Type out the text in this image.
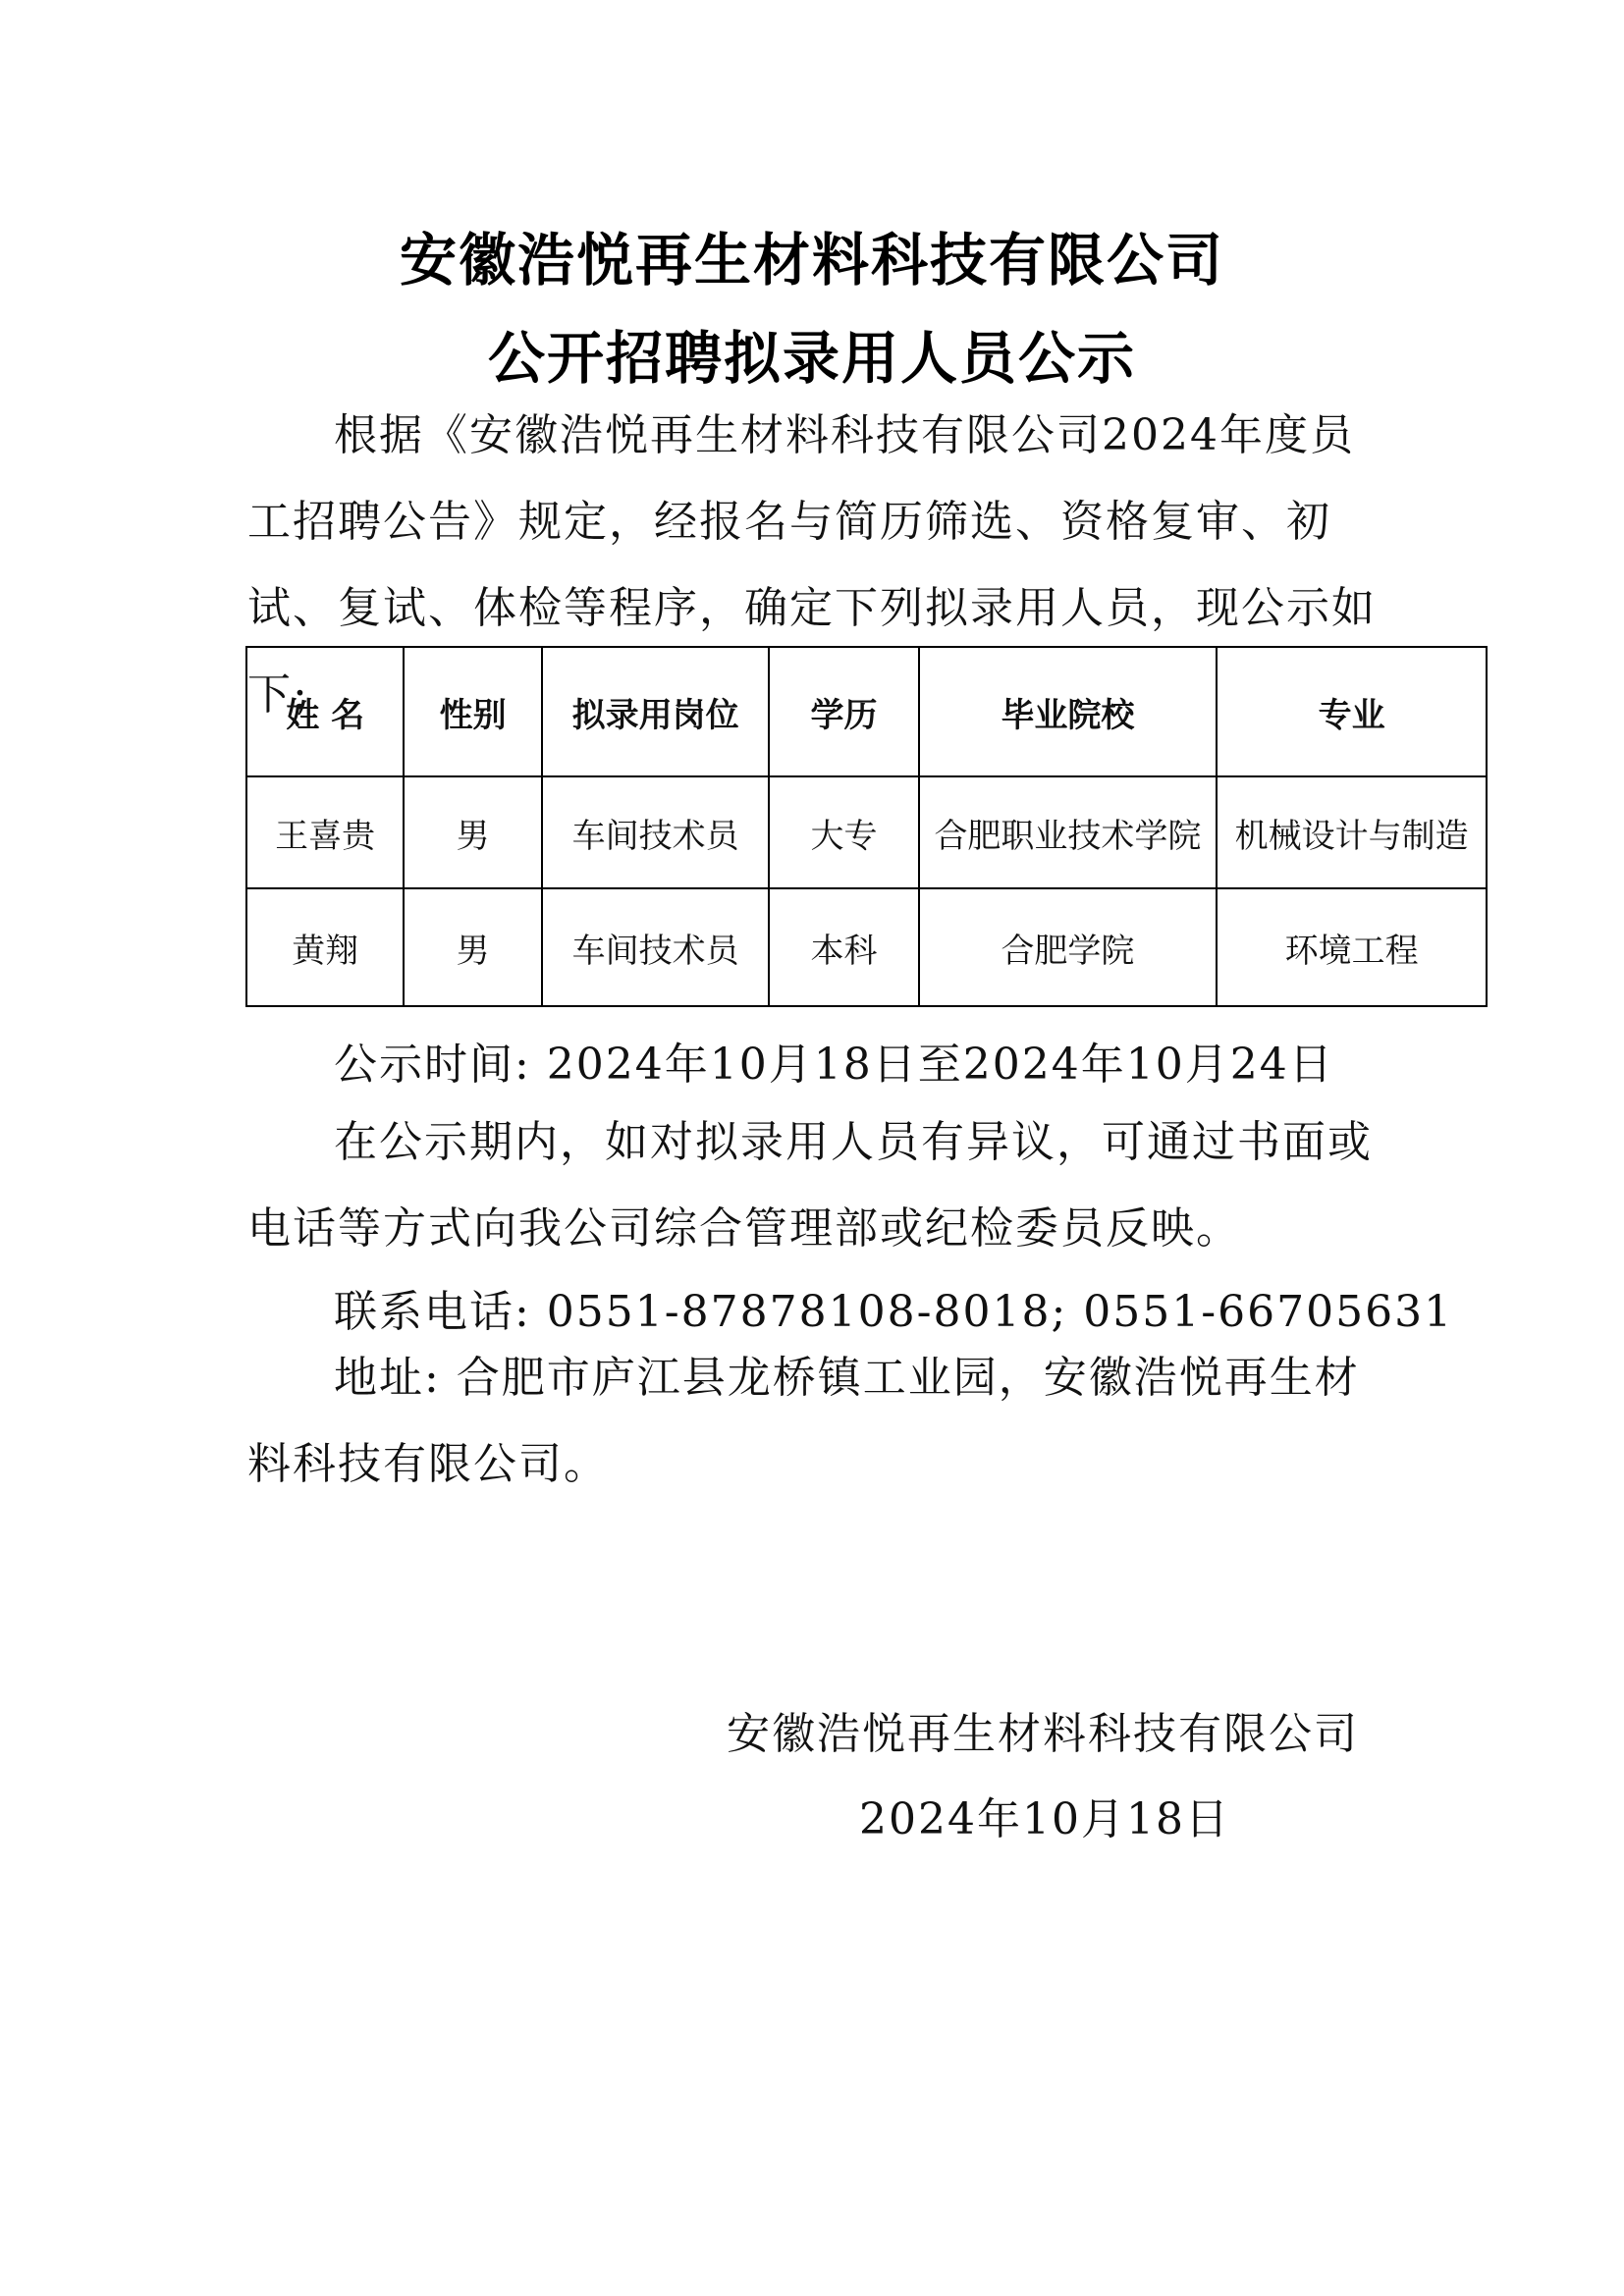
安徽浩悦再生材料科技有限公司
公开招聘拟录用人员公示
根据《安徽浩悦再生材料科技有限公司2024年度员工招聘公告》规定，经报名与简历筛选、资格复审、初试、复试、体检等程序，确定下列拟录用人员，现公示如下:
姓 名	性别	拟录用岗位	学历	毕业院校	专业
王喜贵	男	车间技术员	大专	合肥职业技术学院	机械设计与制造
黄翔	男	车间技术员	本科	合肥学院	环境工程
公示时间: 2024年10月18日至2024年10月24日
在公示期内，如对拟录用人员有异议，可通过书面或电话等方式向我公司综合管理部或纪检委员反映。
联系电话: 0551-87878108-8018; 0551-66705631
地址: 合肥市庐江县龙桥镇工业园，安徽浩悦再生材料科技有限公司。
安徽浩悦再生材料科技有限公司
2024年10月18日
